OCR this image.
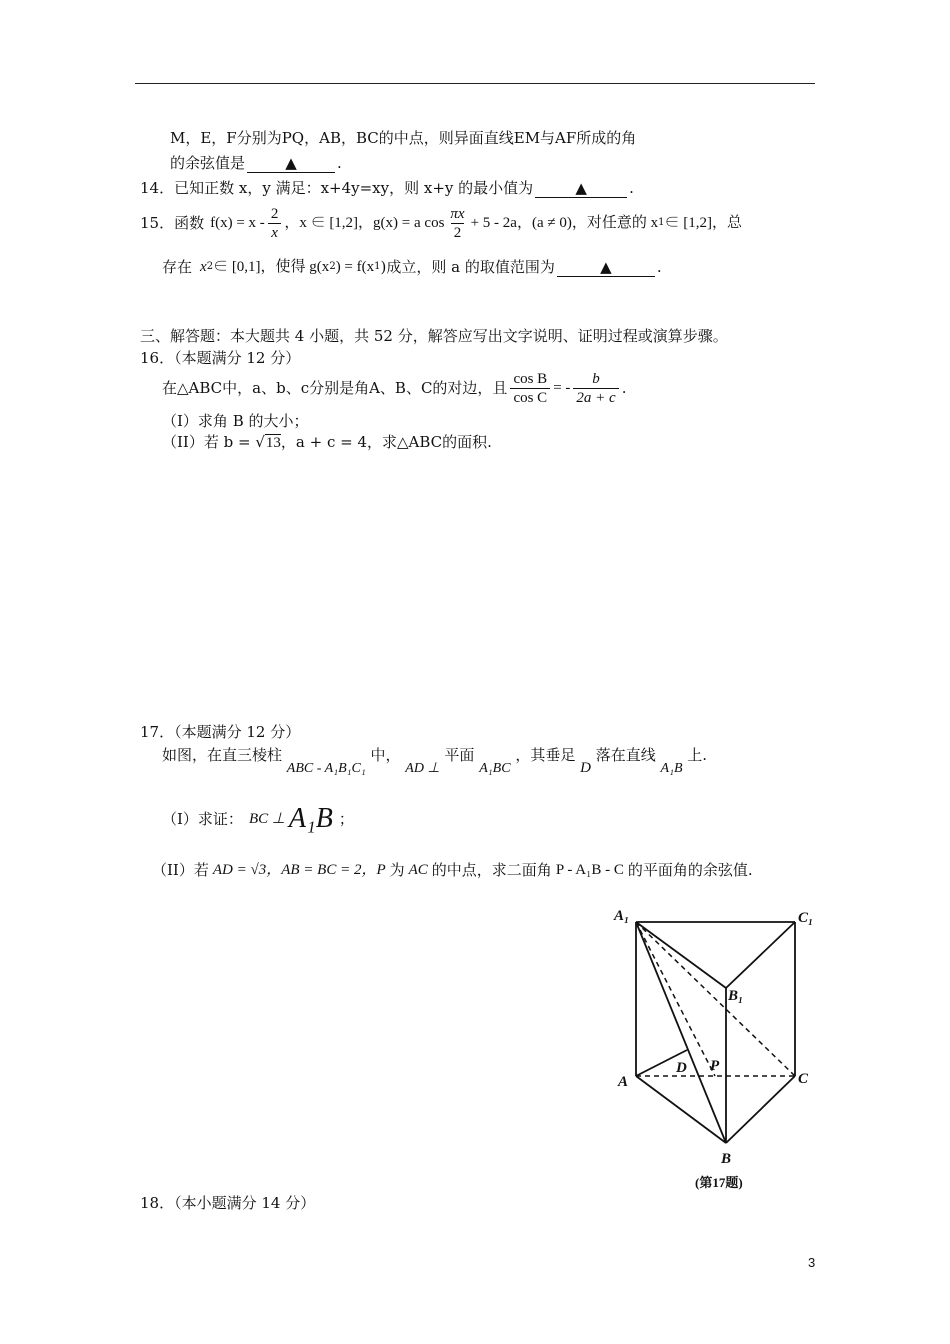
M，E，F分别为PQ，AB，BC的中点，则异面直线EM与AF所成的角
的余弦值是	▲	.
14．已知正数 x，y 满足：x+4y=xy，则 x+y 的最小值为	▲	.
15． 函数 $f(x) = x - \frac{2}{x}$ ，x ∈ [1,2]，g(x) = a $\cos \frac{\pi x}{2} + 5 - 2a$，(a ≠ 0)，对任意的 x 1 ∈ [1,2]，总
存在 x 2 ∈ [0,1]，使得 g(x 2 ) = f(x 1 )成立，则 a 的取值范围为	▲	.
三、解答题：本大题共 4 小题，共 52 分，解答应写出文字说明、证明过程或演算步骤。
16．（本题满分 12 分）
在△ABC中，a、b、c分别是角A、B、C的对边，且 $\frac{\text{cos B}}{\text{cos C}}$ = - $\frac{b}{2a + c}$ .
（I）求角 B 的大小；
（II）若 b = √13，a + c = 4，求△ABC的面积.
17．（本题满分 12 分）
如图，在直三棱柱 ABC - A₁B₁C₁ 中， AD ⊥ 平面 A₁BC ，其垂足 D 落在直线 A₁B 上.
（I）求证： BC ⊥ A₁B ；
（II）若 AD = √3，AB = BC = 2，P 为 AC 的中点，求二面角 P - A₁B - C 的平面角的余弦值.
A₁	C₁
B₁
D P
A	C
B
(第17题)
18．（本小题满分 14 分）
3
